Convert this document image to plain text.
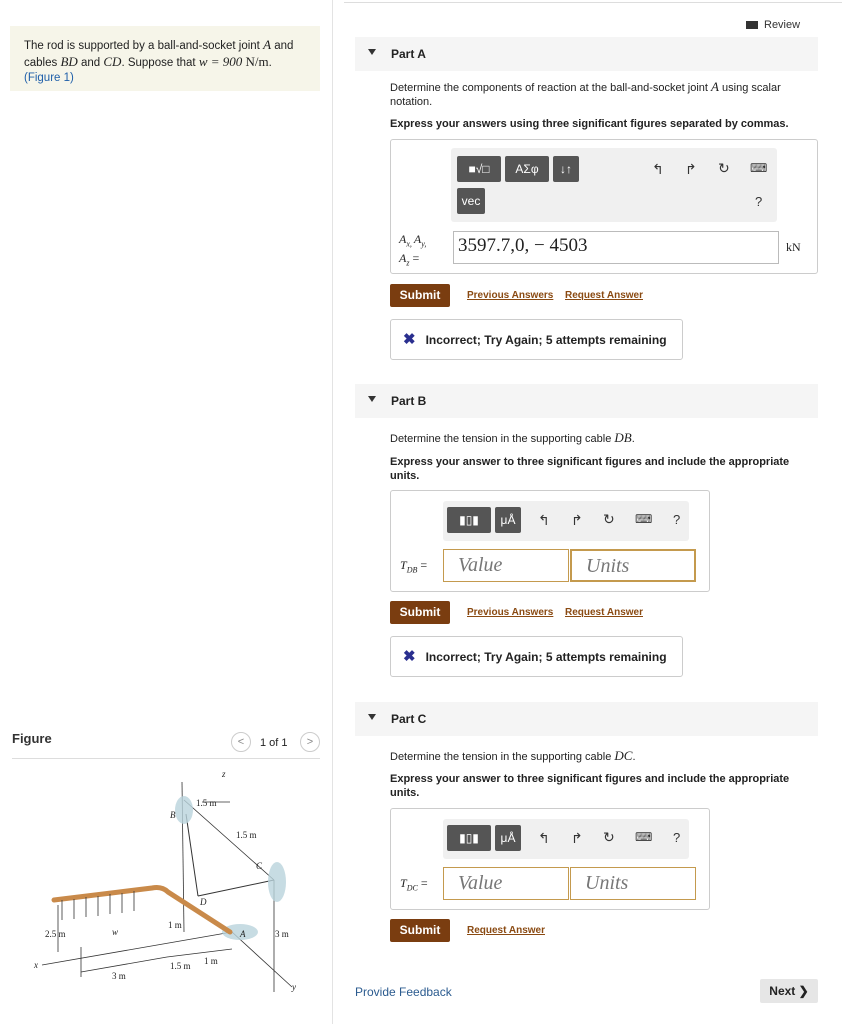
The rod is supported by a ball-and-socket joint A and
cables BD and CD. Suppose that w = 900 N/m.
(Figure 1)
Figure	<	1 of 1	>
z
y
x
A
B
C
D
w
1.5 m
1.5 m
1 m
2.5 m	3 m
3 m
1.5 m 1 m
Review
Part A
Determine the components of reaction at the ball-and-socket joint A using scalar notation.
Express your answers using three significant figures separated by commas.
■√□	ΑΣφ	↓↑
vec
↰ ↱ ↻ ⌨
?
$A_{x,}$ $A_{y,}$
$A_z$ =
3597.7,0, − 4503	kN
Submit	Previous Answers Request Answer
✖ Incorrect; Try Again; 5 attempts remaining
Part B
Determine the tension in the supporting cable DB.
Express your answer to three significant figures and include the appropriate units.
▮▯▮	μÅ	↰ ↱ ↻ ⌨ ?
$T_{DB}$ =	Value	Units
Submit	Previous Answers Request Answer
✖ Incorrect; Try Again; 5 attempts remaining
Part C
Determine the tension in the supporting cable DC.
Express your answer to three significant figures and include the appropriate units.
▮▯▮	μÅ	↰ ↱ ↻ ⌨ ?
$T_{DC}$ =	Value	Units
Submit	Request Answer
Provide Feedback	Next ❯
